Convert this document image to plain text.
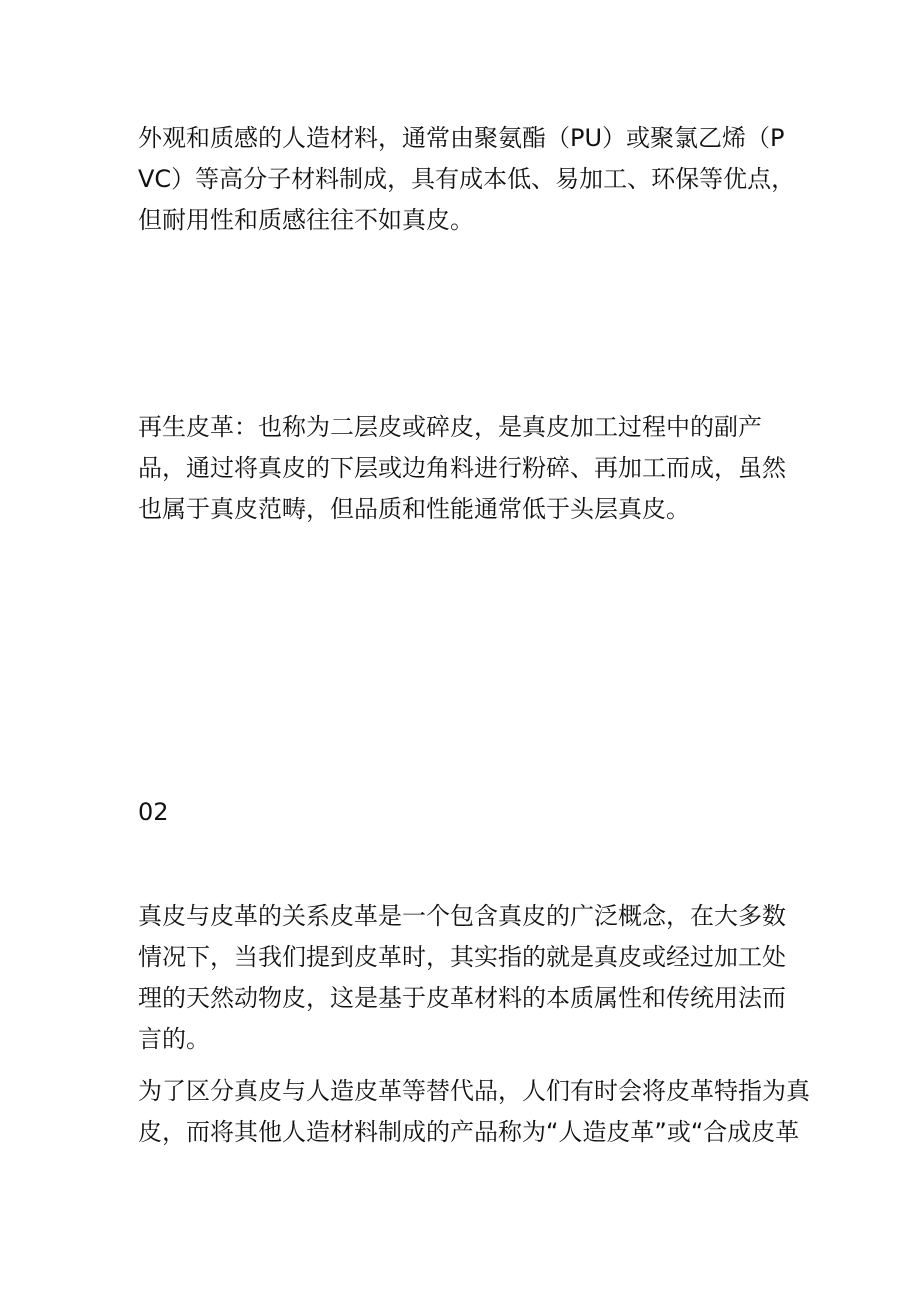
外观和质感的人造材料，通常由聚氨酯（PU）或聚氯乙烯（PVC）等高分子材料制成，具有成本低、易加工、环保等优点，但耐用性和质感往往不如真皮。

再生皮革：也称为二层皮或碎皮，是真皮加工过程中的副产品，通过将真皮的下层或边角料进行粉碎、再加工而成，虽然也属于真皮范畴，但品质和性能通常低于头层真皮。

02

真皮与皮革的关系皮革是一个包含真皮的广泛概念，在大多数情况下，当我们提到皮革时，其实指的就是真皮或经过加工处理的天然动物皮，这是基于皮革材料的本质属性和传统用法而言的。

为了区分真皮与人造皮革等替代品，人们有时会将皮革特指为真
皮，而将其他人造材料制成的产品称为“人造皮革”或“合成皮革
